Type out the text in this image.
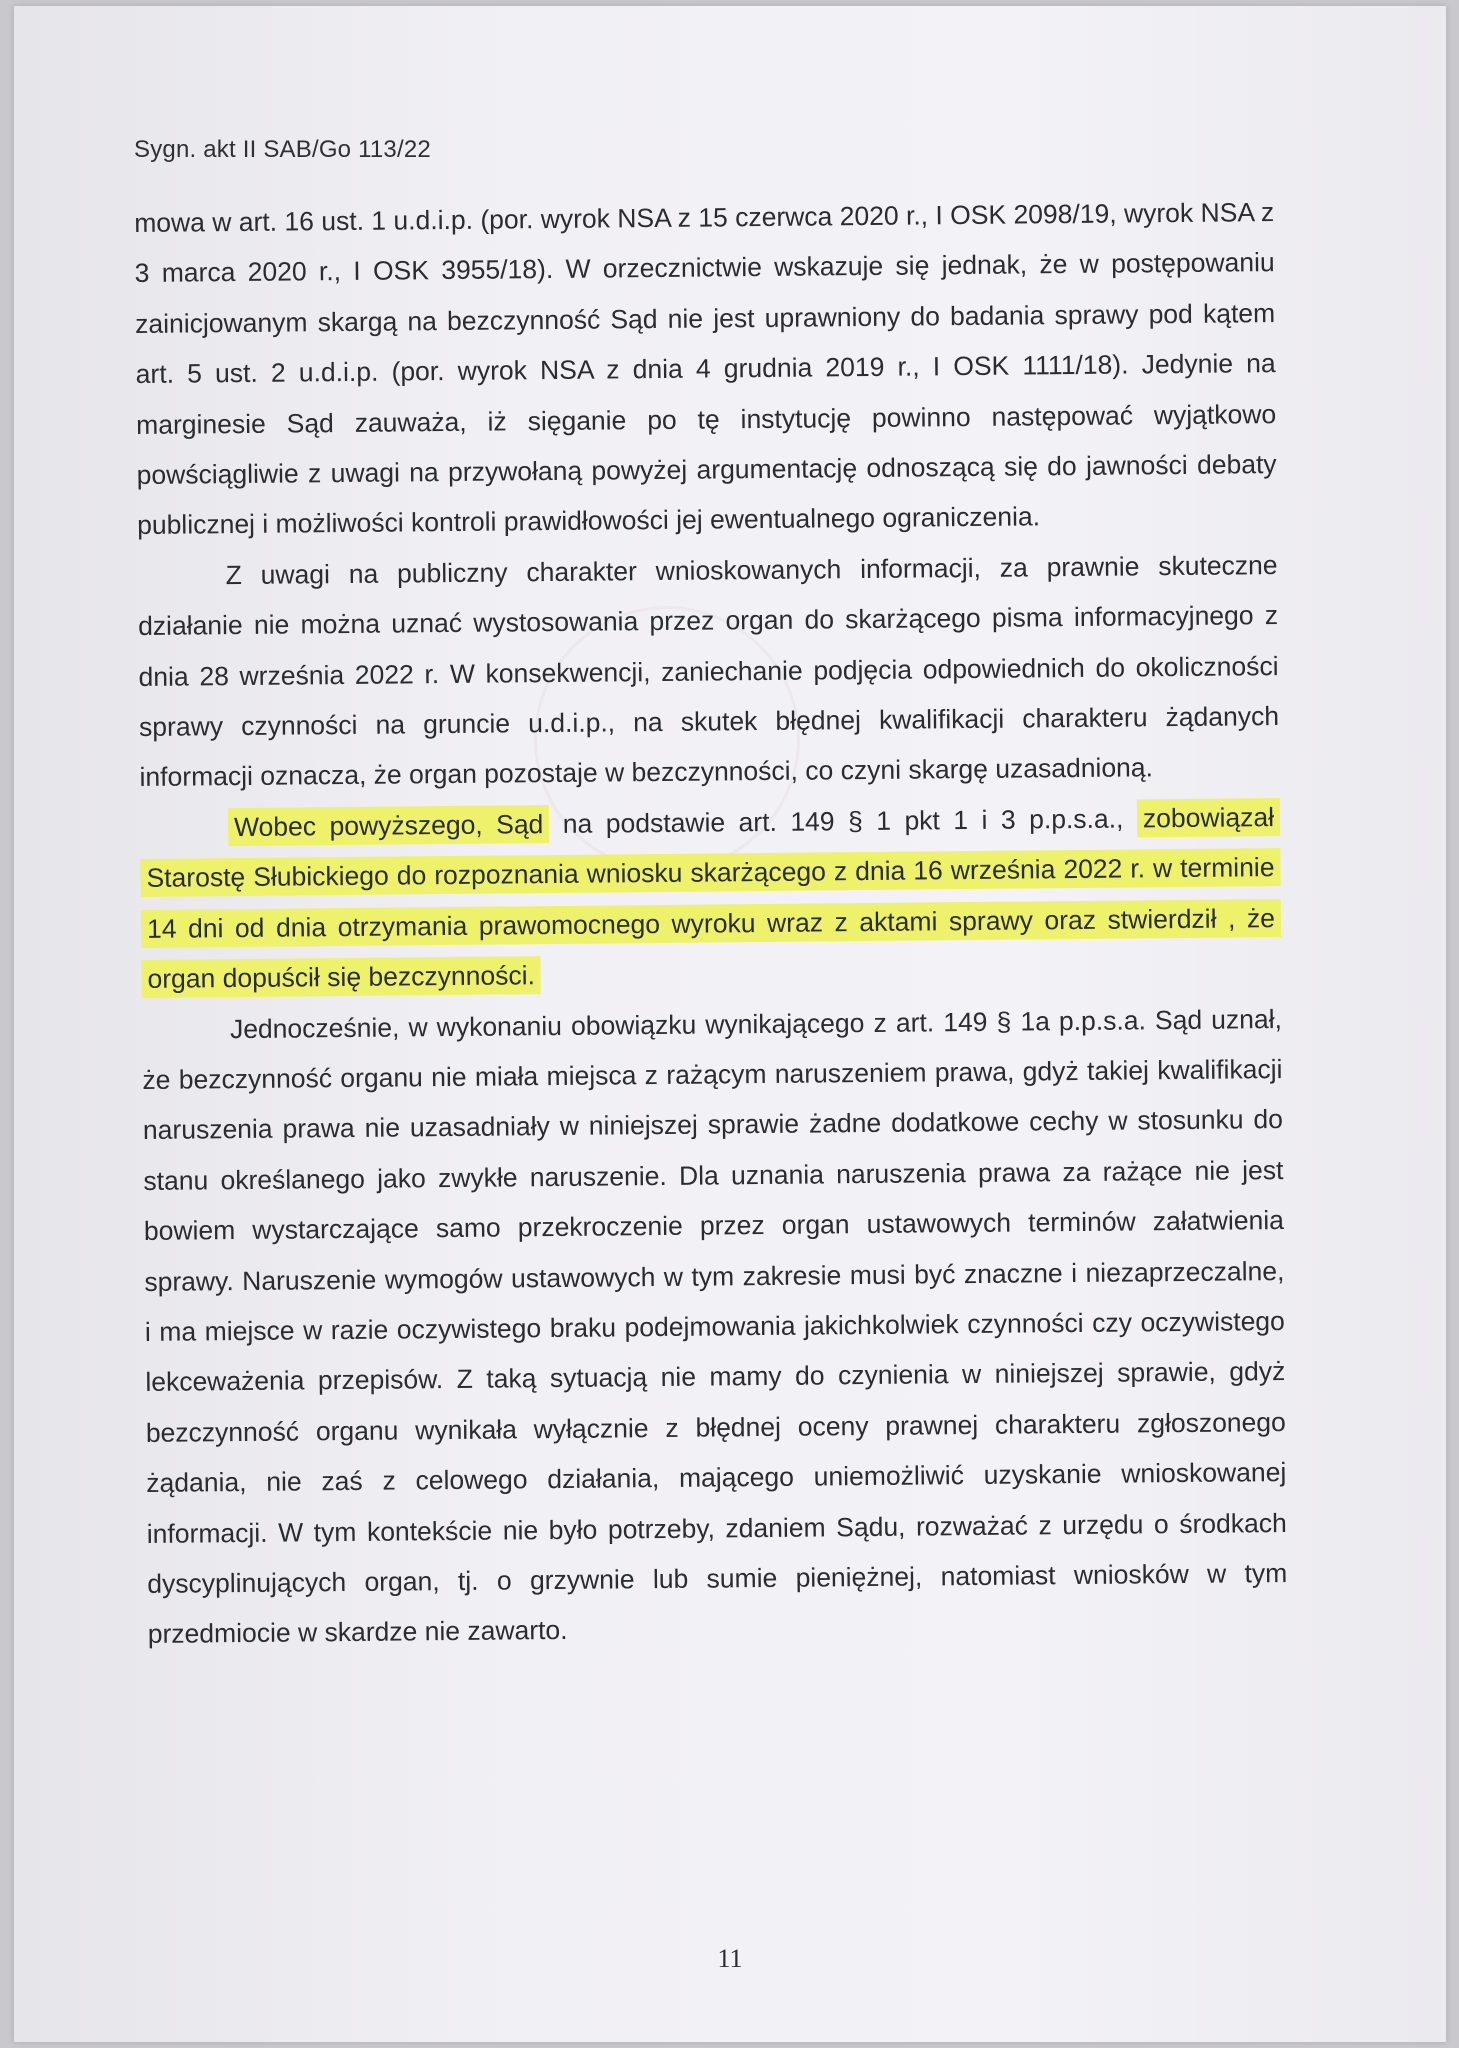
Sygn. akt II SAB/Go 113/22

mowa w art. 16 ust. 1 u.d.i.p. (por. wyrok NSA z 15 czerwca 2020 r., I OSK 2098/19, wyrok NSA z 3 marca 2020 r., I OSK 3955/18). W orzecznictwie wskazuje się jednak, że w postępowaniu zainicjowanym skargą na bezczynność Sąd nie jest uprawniony do badania sprawy pod kątem art. 5 ust. 2 u.d.i.p. (por. wyrok NSA z dnia 4 grudnia 2019 r., I OSK 1111/18). Jedynie na marginesie Sąd zauważa, iż sięganie po tę instytucję powinno następować wyjątkowo powściągliwie z uwagi na przywołaną powyżej argumentację odnoszącą się do jawności debaty publicznej i możliwości kontroli prawidłowości jej ewentualnego ograniczenia.

Z uwagi na publiczny charakter wnioskowanych informacji, za prawnie skuteczne działanie nie można uznać wystosowania przez organ do skarżącego pisma informacyjnego z dnia 28 września 2022 r. W konsekwencji, zaniechanie podjęcia odpowiednich do okoliczności sprawy czynności na gruncie u.d.i.p., na skutek błędnej kwalifikacji charakteru żądanych informacji oznacza, że organ pozostaje w bezczynności, co czyni skargę uzasadnioną.

Wobec powyższego, Sąd na podstawie art. 149 § 1 pkt 1 i 3 p.p.s.a., zobowiązał Starostę Słubickiego do rozpoznania wniosku skarżącego z dnia 16 września 2022 r. w terminie 14 dni od dnia otrzymania prawomocnego wyroku wraz z aktami sprawy oraz stwierdził , że organ dopuścił się bezczynności.

Jednocześnie, w wykonaniu obowiązku wynikającego z art. 149 § 1a p.p.s.a. Sąd uznał, że bezczynność organu nie miała miejsca z rażącym naruszeniem prawa, gdyż takiej kwalifikacji naruszenia prawa nie uzasadniały w niniejszej sprawie żadne dodatkowe cechy w stosunku do stanu określanego jako zwykłe naruszenie. Dla uznania naruszenia prawa za rażące nie jest bowiem wystarczające samo przekroczenie przez organ ustawowych terminów załatwienia sprawy. Naruszenie wymogów ustawowych w tym zakresie musi być znaczne i niezaprzeczalne, i ma miejsce w razie oczywistego braku podejmowania jakichkolwiek czynności czy oczywistego lekceważenia przepisów. Z taką sytuacją nie mamy do czynienia w niniejszej sprawie, gdyż bezczynność organu wynikała wyłącznie z błędnej oceny prawnej charakteru zgłoszonego żądania, nie zaś z celowego działania, mającego uniemożliwić uzyskanie wnioskowanej informacji. W tym kontekście nie było potrzeby, zdaniem Sądu, rozważać z urzędu o środkach dyscyplinujących organ, tj. o grzywnie lub sumie pieniężnej, natomiast wniosków w tym przedmiocie w skardze nie zawarto.

11
